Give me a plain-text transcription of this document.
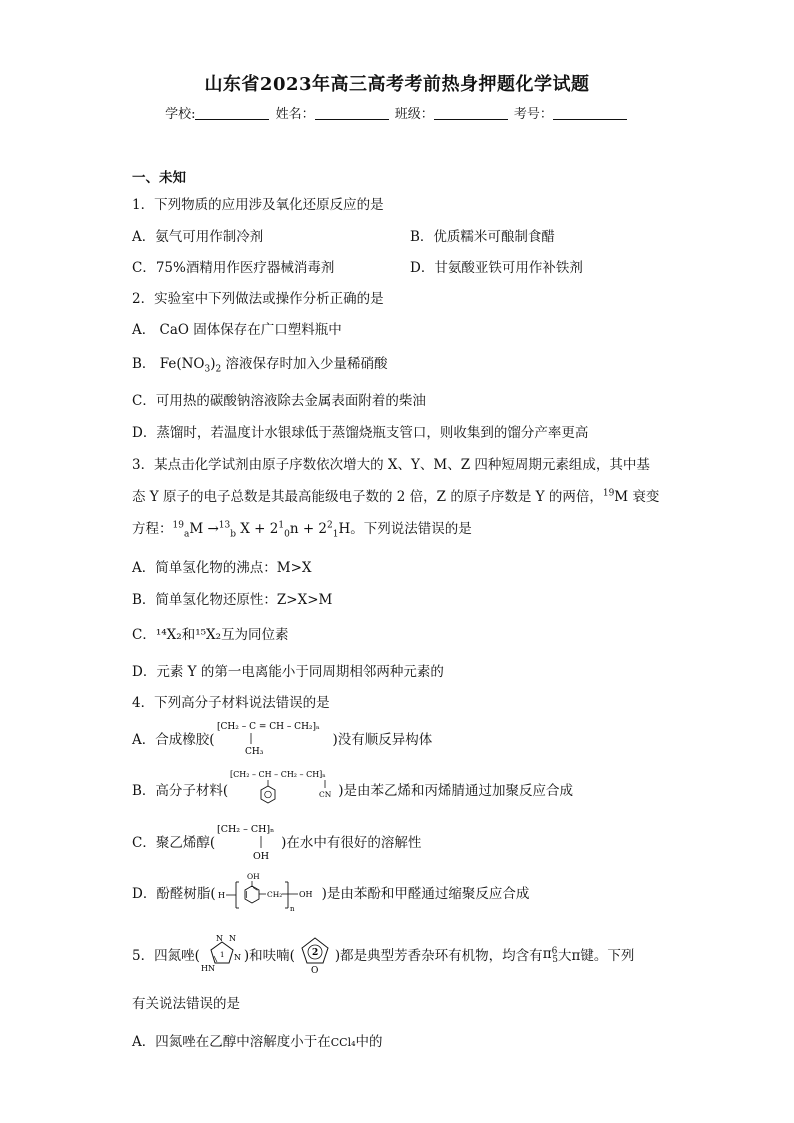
山东省2023年高三高考考前热身押题化学试题
学校:	姓名：	班级：	考号：
一、未知
1．下列物质的应用涉及氧化还原反应的是
A．氨气可用作制冷剂	B．优质糯米可酿制食醋
C．75%酒精用作医疗器械消毒剂	D．甘氨酸亚铁可用作补铁剂
2．实验室中下列做法或操作分析正确的是
A． CaO 固体保存在广口塑料瓶中
B． $Fe(NO_3)_2$ 溶液保存时加入少量稀硝酸
C．可用热的碳酸钠溶液除去金属表面附着的柴油
D．蒸馏时，若温度计水银球低于蒸馏烧瓶支管口，则收集到的馏分产率更高
3．某点击化学试剂由原子序数依次增大的 X、Y、M、Z 四种短周期元素组成，其中基
态 Y 原子的电子总数是其最高能级电子数的 2 倍，Z 的原子序数是 Y 的两倍，$^{19}$M 衰变
方程：$^{19}_a$M →$^{13}_b$ $X + 2^1_0n + 2^2_1H$。下列说法错误的是
A．简单氢化物的沸点：M>X
B．简单氢化物还原性：Z>X>M
C．¹⁴X₂和¹⁵X₂互为同位素
D．元素 Y 的第一电离能小于同周期相邻两种元素的
4．下列高分子材料说法错误的是
A．合成橡胶(
[CH₂ – C = CH – CH₂]ₙ
CH₃
)没有顺反异构体
B．高分子材料(
[CH₂ – CH – CH₂ – CH]ₙ
CN )是由苯乙烯和丙烯腈通过加聚反应合成
C．聚乙烯醇(
[CH₂ – CH]ₙ
OH
)在水中有很好的溶解性
D．酚醛树脂( H
OH
CH₂
n
OH )是由苯酚和甲醛通过缩聚反应合成
5．四氮唑(
N N
N
HN
1 )和呋喃( 2
O
)都是典型芳香杂环有机物，均含有$\pi^6_5$大π键。下列
有关说法错误的是
A．四氮唑在乙醇中溶解度小于在CCl₄中的
